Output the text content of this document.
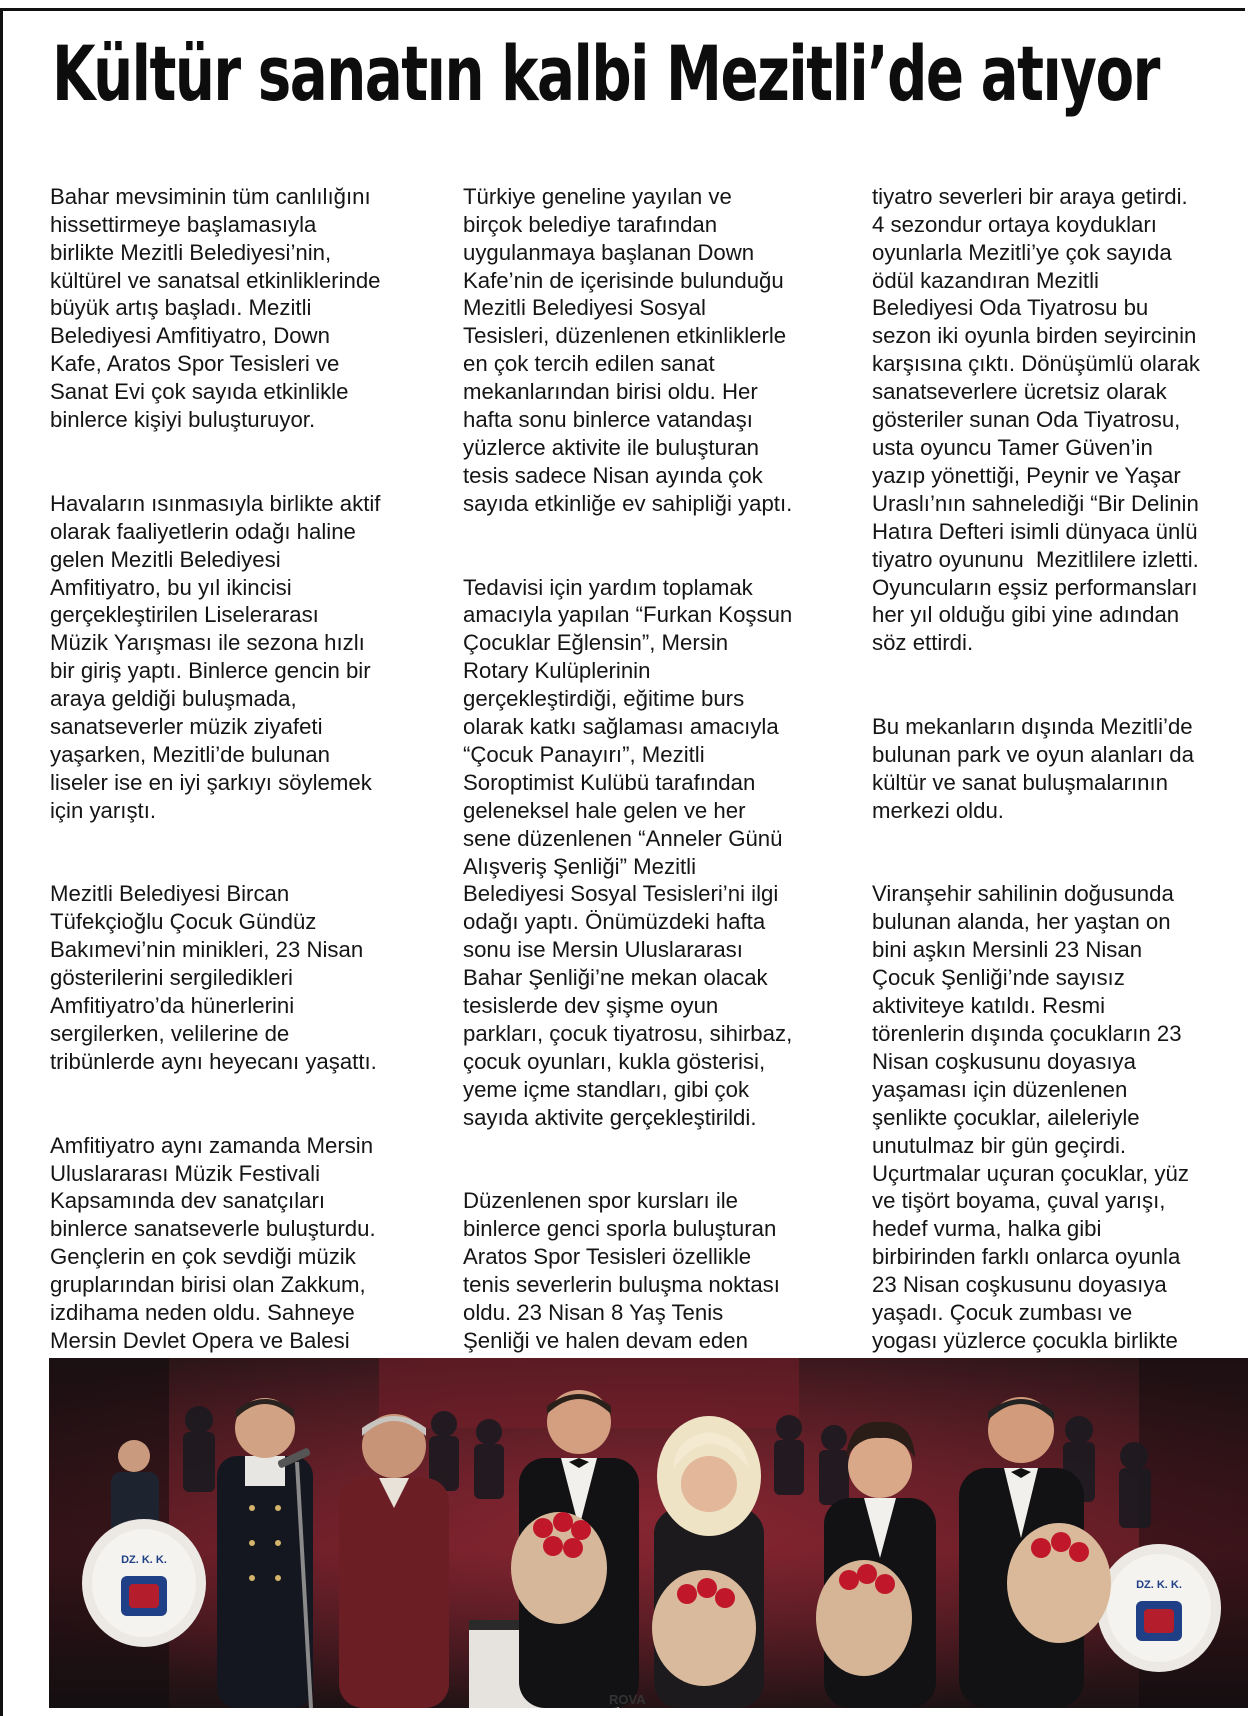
Kültür sanatın kalbi Mezitli’de atıyor

Bahar mevsiminin tüm canlılığını
hissettirmeye başlamasıyla
birlikte Mezitli Belediyesi’nin,
kültürel ve sanatsal etkinliklerinde
büyük artış başladı. Mezitli
Belediyesi Amfitiyatro, Down
Kafe, Aratos Spor Tesisleri ve
Sanat Evi çok sayıda etkinlikle
binlerce kişiyi buluşturuyor.

Havaların ısınmasıyla birlikte aktif
olarak faaliyetlerin odağı haline
gelen Mezitli Belediyesi
Amfitiyatro, bu yıl ikincisi
gerçekleştirilen Liselerarası
Müzik Yarışması ile sezona hızlı
bir giriş yaptı. Binlerce gencin bir
araya geldiği buluşmada,
sanatseverler müzik ziyafeti
yaşarken, Mezitli’de bulunan
liseler ise en iyi şarkıyı söylemek
için yarıştı.

Mezitli Belediyesi Bircan
Tüfekçioğlu Çocuk Gündüz
Bakımevi’nin minikleri, 23 Nisan
gösterilerini sergiledikleri
Amfitiyatro’da hünerlerini
sergilerken, velilerine de
tribünlerde aynı heyecanı yaşattı.

Amfitiyatro aynı zamanda Mersin
Uluslararası Müzik Festivali
Kapsamında dev sanatçıları
binlerce sanatseverle buluşturdu.
Gençlerin en çok sevdiği müzik
gruplarından birisi olan Zakkum,
izdihama neden oldu. Sahneye
Mersin Devlet Opera ve Balesi

Türkiye geneline yayılan ve
birçok belediye tarafından
uygulanmaya başlanan Down
Kafe’nin de içerisinde bulunduğu
Mezitli Belediyesi Sosyal
Tesisleri, düzenlenen etkinliklerle
en çok tercih edilen sanat
mekanlarından birisi oldu. Her
hafta sonu binlerce vatandaşı
yüzlerce aktivite ile buluşturan
tesis sadece Nisan ayında çok
sayıda etkinliğe ev sahipliği yaptı.

Tedavisi için yardım toplamak
amacıyla yapılan “Furkan Koşsun
Çocuklar Eğlensin”, Mersin
Rotary Kulüplerinin
gerçekleştirdiği, eğitime burs
olarak katkı sağlaması amacıyla
“Çocuk Panayırı”, Mezitli
Soroptimist Kulübü tarafından
geleneksel hale gelen ve her
sene düzenlenen “Anneler Günü
Alışveriş Şenliği” Mezitli
Belediyesi Sosyal Tesisleri’ni ilgi
odağı yaptı. Önümüzdeki hafta
sonu ise Mersin Uluslararası
Bahar Şenliği’ne mekan olacak
tesislerde dev şişme oyun
parkları, çocuk tiyatrosu, sihirbaz,
çocuk oyunları, kukla gösterisi,
yeme içme standları, gibi çok
sayıda aktivite gerçekleştirildi.

Düzenlenen spor kursları ile
binlerce genci sporla buluşturan
Aratos Spor Tesisleri özellikle
tenis severlerin buluşma noktası
oldu. 23 Nisan 8 Yaş Tenis
Şenliği ve halen devam eden

tiyatro severleri bir araya getirdi.
4 sezondur ortaya koydukları
oyunlarla Mezitli’ye çok sayıda
ödül kazandıran Mezitli
Belediyesi Oda Tiyatrosu bu
sezon iki oyunla birden seyircinin
karşısına çıktı. Dönüşümlü olarak
sanatseverlere ücretsiz olarak
gösteriler sunan Oda Tiyatrosu,
usta oyuncu Tamer Güven’in
yazıp yönettiği, Peynir ve Yaşar
Uraslı’nın sahnelediği “Bir Delinin
Hatıra Defteri isimli dünyaca ünlü
tiyatro oyununu  Mezitlilere izletti.
Oyuncuların eşsiz performansları
her yıl olduğu gibi yine adından
söz ettirdi.

Bu mekanların dışında Mezitli’de
bulunan park ve oyun alanları da
kültür ve sanat buluşmalarının
merkezi oldu.

Viranşehir sahilinin doğusunda
bulunan alanda, her yaştan on
bini aşkın Mersinli 23 Nisan
Çocuk Şenliği’nde sayısız
aktiviteye katıldı. Resmi
törenlerin dışında çocukların 23
Nisan coşkusunu doyasıya
yaşaması için düzenlenen
şenlikte çocuklar, aileleriyle
unutulmaz bir gün geçirdi.
Uçurtmalar uçuran çocuklar, yüz
ve tişört boyama, çuval yarışı,
hedef vurma, halka gibi
birbirinden farklı onlarca oyunla
23 Nisan coşkusunu doyasıya
yaşadı. Çocuk zumbası ve
yogası yüzlerce çocukla birlikte

DZ. K. K.
DZ. K. K.
ROVA
